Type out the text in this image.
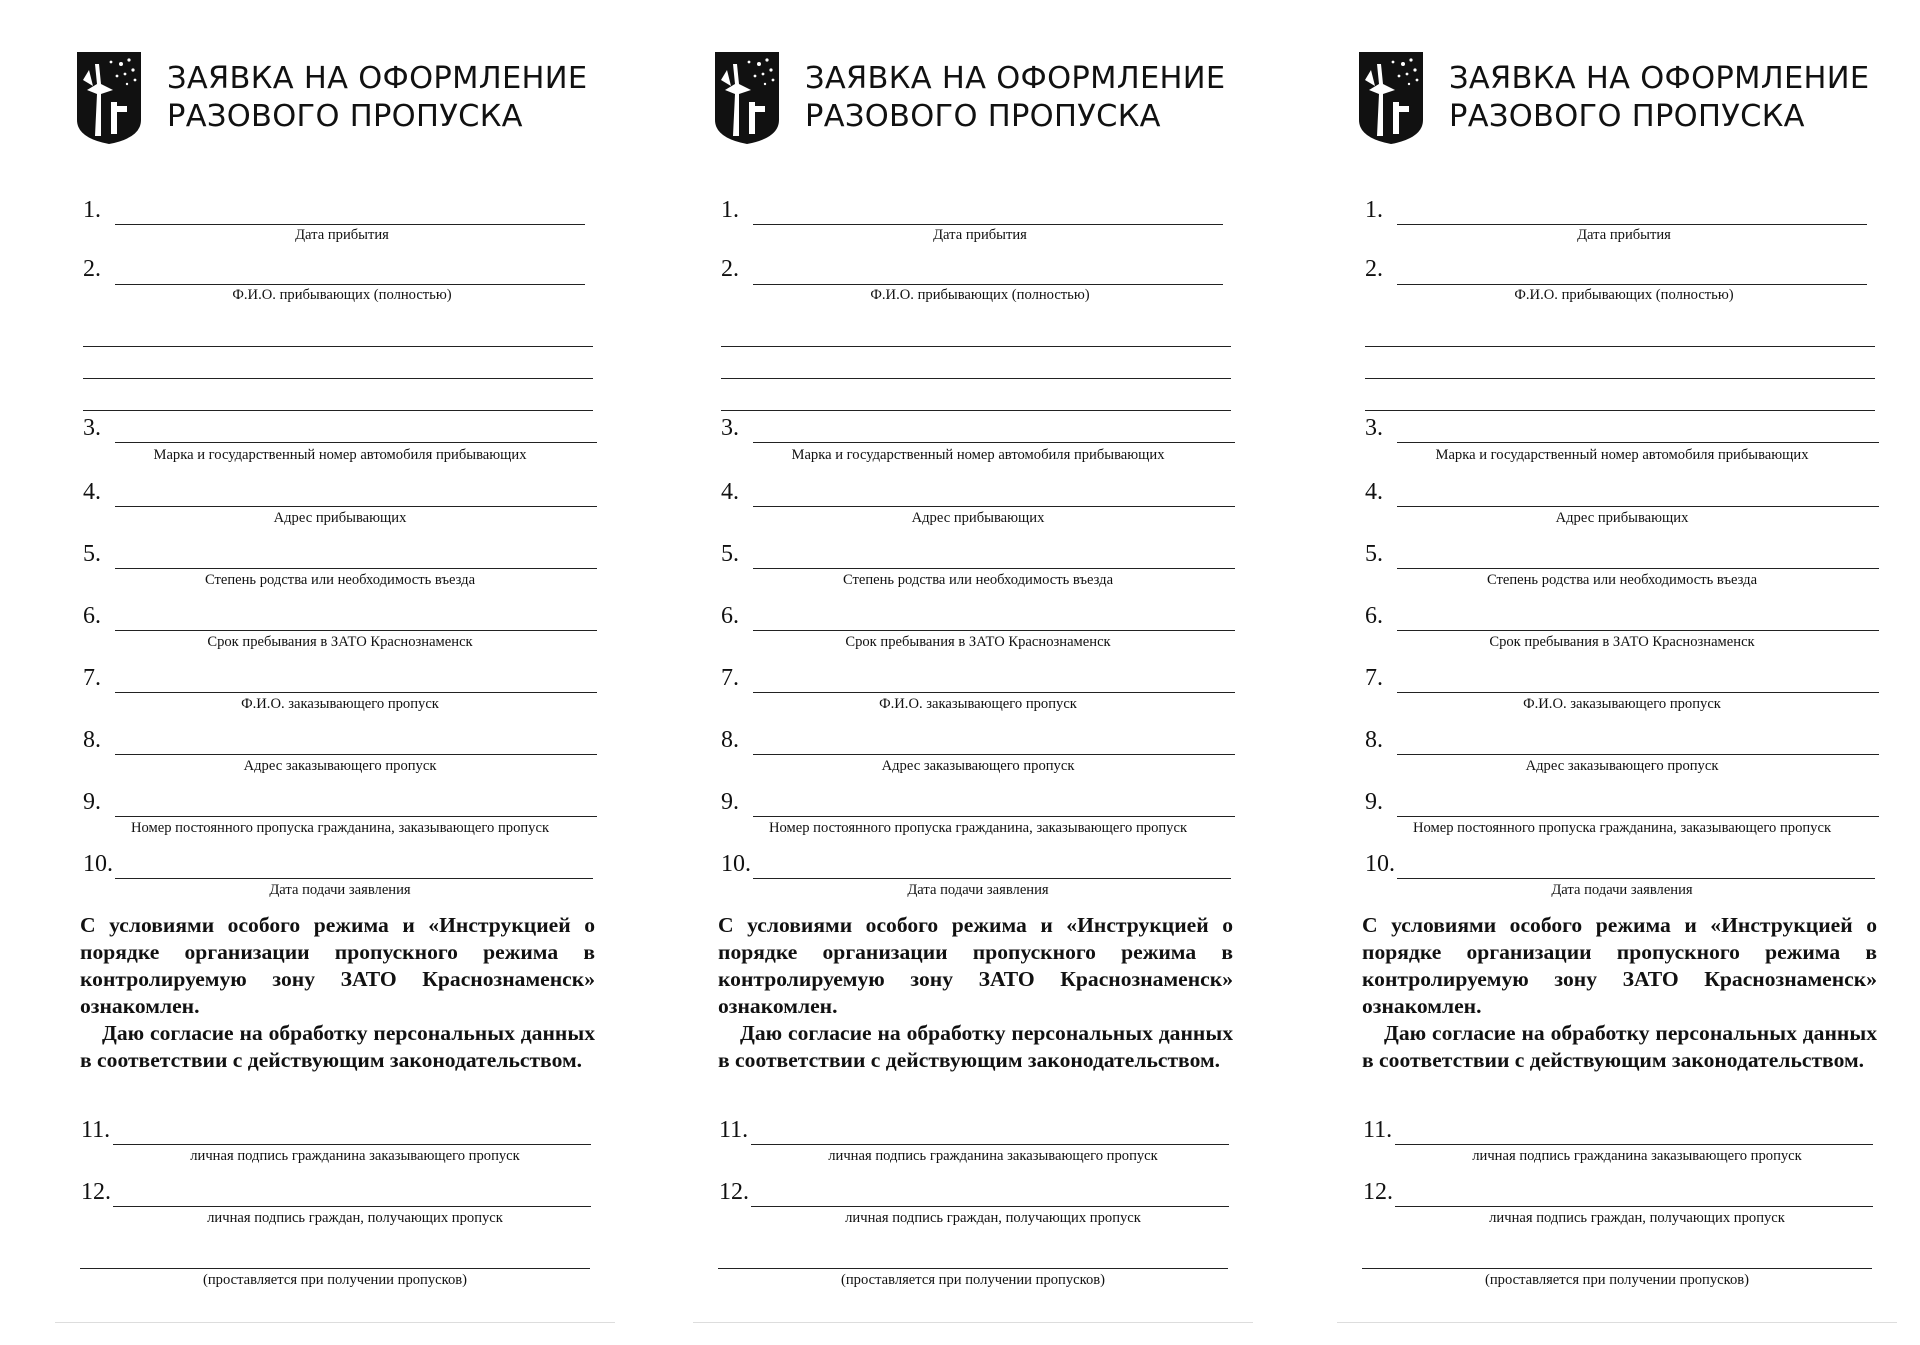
ЗАЯВКА НА ОФОРМЛЕНИЕ
РАЗОВОГО ПРОПУСКА
1.
Дата прибытия
2.
Ф.И.О. прибывающих (полностью)
3.
Марка и государственный номер автомобиля прибывающих
4.
Адрес прибывающих
5.
Степень родства или необходимость въезда
6.
Срок пребывания в ЗАТО Краснознаменск
7.
Ф.И.О. заказывающего пропуск
8.
Адрес заказывающего пропуск
9.
Номер постоянного пропуска гражданина, заказывающего пропуск
10.
Дата подачи заявления
С условиями особого режима и «Инструкцией о порядке организации пропускного режима в контролируемую зону ЗАТО Краснознаменск» ознакомлен.
Даю согласие на обработку персональных данных в соответствии с действующим законодательством.
11.
личная подпись гражданина заказывающего пропуск
12.
личная подпись граждан, получающих пропуск
(проставляется при получении пропусков)
ЗАЯВКА НА ОФОРМЛЕНИЕ
РАЗОВОГО ПРОПУСКА
1.
Дата прибытия
2.
Ф.И.О. прибывающих (полностью)
3.
Марка и государственный номер автомобиля прибывающих
4.
Адрес прибывающих
5.
Степень родства или необходимость въезда
6.
Срок пребывания в ЗАТО Краснознаменск
7.
Ф.И.О. заказывающего пропуск
8.
Адрес заказывающего пропуск
9.
Номер постоянного пропуска гражданина, заказывающего пропуск
10.
Дата подачи заявления
С условиями особого режима и «Инструкцией о порядке организации пропускного режима в контролируемую зону ЗАТО Краснознаменск» ознакомлен.
Даю согласие на обработку персональных данных в соответствии с действующим законодательством.
11.
личная подпись гражданина заказывающего пропуск
12.
личная подпись граждан, получающих пропуск
(проставляется при получении пропусков)
ЗАЯВКА НА ОФОРМЛЕНИЕ
РАЗОВОГО ПРОПУСКА
1.
Дата прибытия
2.
Ф.И.О. прибывающих (полностью)
3.
Марка и государственный номер автомобиля прибывающих
4.
Адрес прибывающих
5.
Степень родства или необходимость въезда
6.
Срок пребывания в ЗАТО Краснознаменск
7.
Ф.И.О. заказывающего пропуск
8.
Адрес заказывающего пропуск
9.
Номер постоянного пропуска гражданина, заказывающего пропуск
10.
Дата подачи заявления
С условиями особого режима и «Инструкцией о порядке организации пропускного режима в контролируемую зону ЗАТО Краснознаменск» ознакомлен.
Даю согласие на обработку персональных данных в соответствии с действующим законодательством.
11.
личная подпись гражданина заказывающего пропуск
12.
личная подпись граждан, получающих пропуск
(проставляется при получении пропусков)
